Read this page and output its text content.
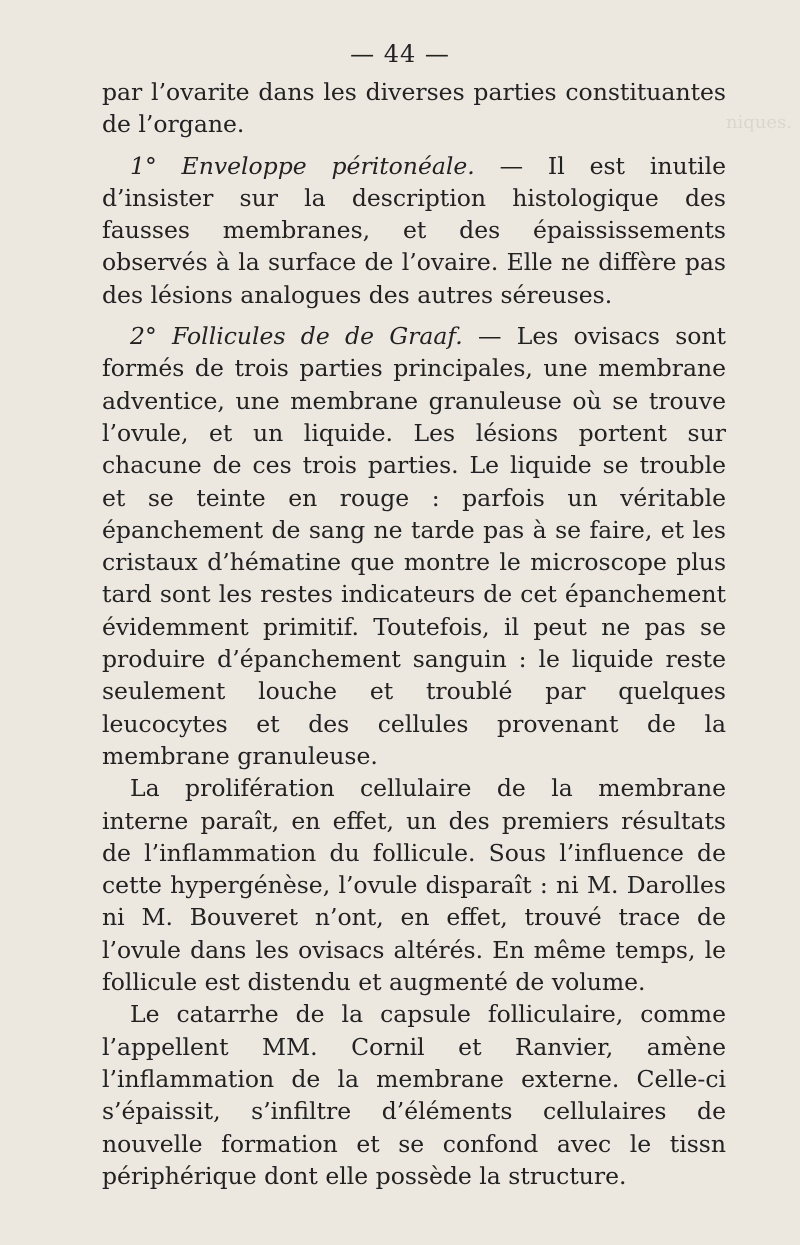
niques.
— 44 —

par l’ovarite dans les diverses parties constituantes de l’organe.

1° Enveloppe péritonéale. — Il est inutile d’insister sur la description histologique des fausses membranes, et des épaississements observés à la surface de l’ovaire. Elle ne diffère pas des lésions analogues des autres séreuses.

2° Follicules de de Graaf. — Les ovisacs sont formés de trois parties principales, une membrane adventice, une membrane granuleuse où se trouve l’ovule, et un liquide. Les lésions portent sur chacune de ces trois parties. Le liquide se trouble et se teinte en rouge : parfois un véritable épanchement de sang ne tarde pas à se faire, et les cristaux d’hématine que montre le microscope plus tard sont les restes indicateurs de cet épanchement évidemment primitif. Toutefois, il peut ne pas se produire d’épanchement sanguin : le liquide reste seulement louche et troublé par quelques leucocytes et des cellules provenant de la membrane granuleuse.

La prolifération cellulaire de la membrane interne paraît, en effet, un des premiers résultats de l’inflammation du follicule. Sous l’influence de cette hypergénèse, l’ovule disparaît : ni M. Darolles ni M. Bouveret n’ont, en effet, trouvé trace de l’ovule dans les ovisacs altérés. En même temps, le follicule est distendu et augmenté de volume.

Le catarrhe de la capsule folliculaire, comme l’appellent MM. Cornil et Ranvier, amène l’inflammation de la membrane externe. Celle-ci s’épaissit, s’infiltre d’éléments cellulaires de nouvelle formation et se confond avec le tissn périphérique dont elle possède la structure.
